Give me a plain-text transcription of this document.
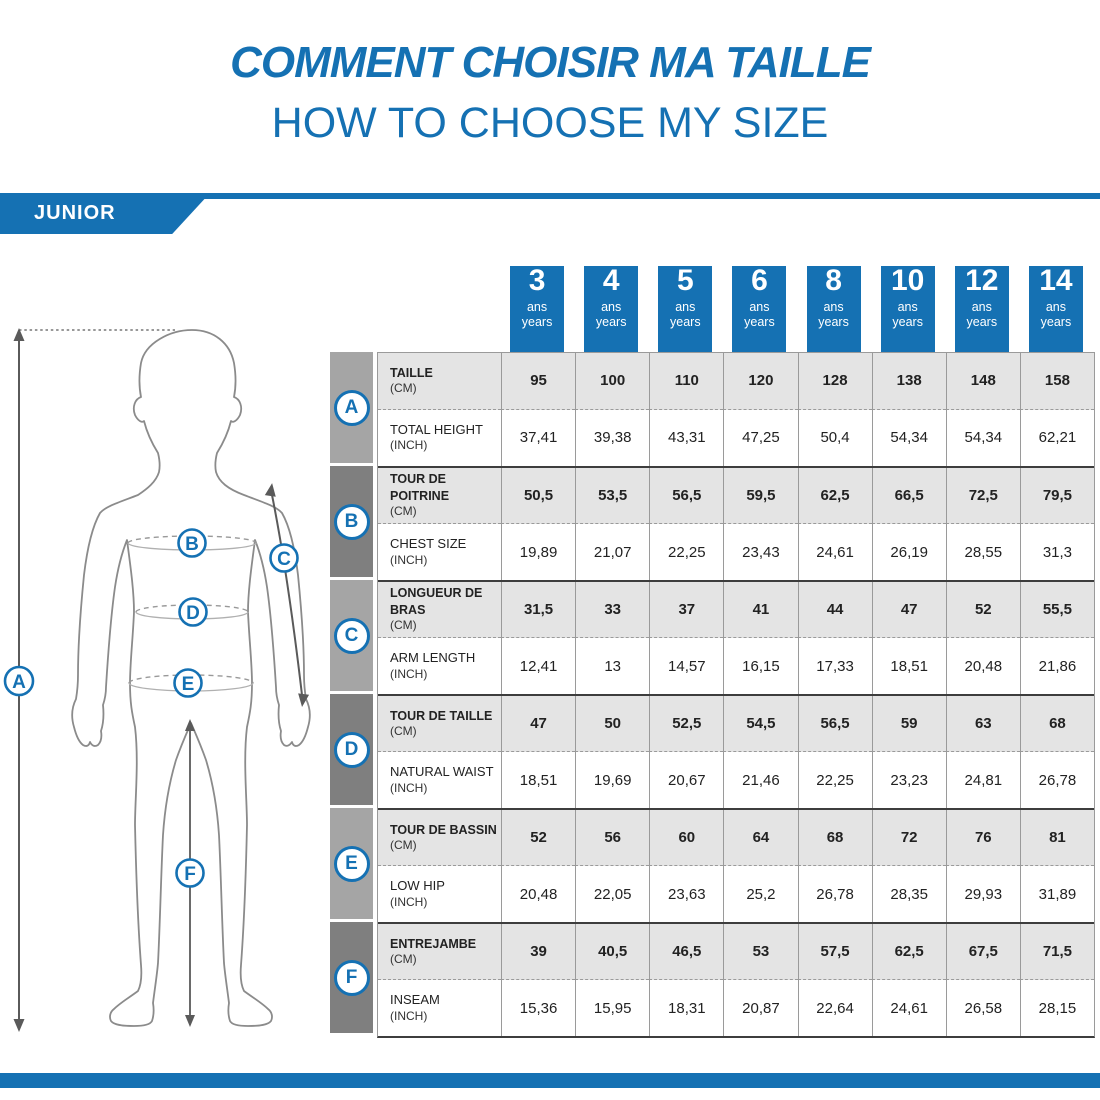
COMMENT CHOISIR MA TAILLE
HOW TO CHOOSE MY SIZE
JUNIOR
A
B
C
D
E
F
3
ans
years
4
ans
years
5
ans
years
6
ans
years
8
ans
years
10
ans
years
12
ans
years
14
ans
years
A
B
C
D
E
F
TAILLE
(CM)	95	100	110	120	128	138	148	158
TOTAL HEIGHT
(INCH)	37,41	39,38	43,31	47,25	50,4	54,34	54,34	62,21
TOUR DE POITRINE
(CM)
50,5	53,5	56,5	59,5	62,5	66,5	72,5	79,5
CHEST SIZE
(INCH)	19,89	21,07	22,25	23,43	24,61	26,19	28,55	31,3
LONGUEUR DE BRAS
(CM)
31,5	33	37	41	44	47	52	55,5
ARM LENGTH
(INCH)	12,41	13	14,57	16,15	17,33	18,51	20,48	21,86
TOUR DE TAILLE
(CM)	47	50	52,5	54,5	56,5	59	63	68
NATURAL WAIST
(INCH)	18,51	19,69	20,67	21,46	22,25	23,23	24,81	26,78
TOUR DE BASSIN
(CM)	52	56	60	64	68	72	76	81
LOW HIP
(INCH)	20,48	22,05	23,63	25,2	26,78	28,35	29,93	31,89
ENTREJAMBE
(CM)	39	40,5	46,5	53	57,5	62,5	67,5	71,5
INSEAM
(INCH)	15,36	15,95	18,31	20,87	22,64	24,61	26,58	28,15
